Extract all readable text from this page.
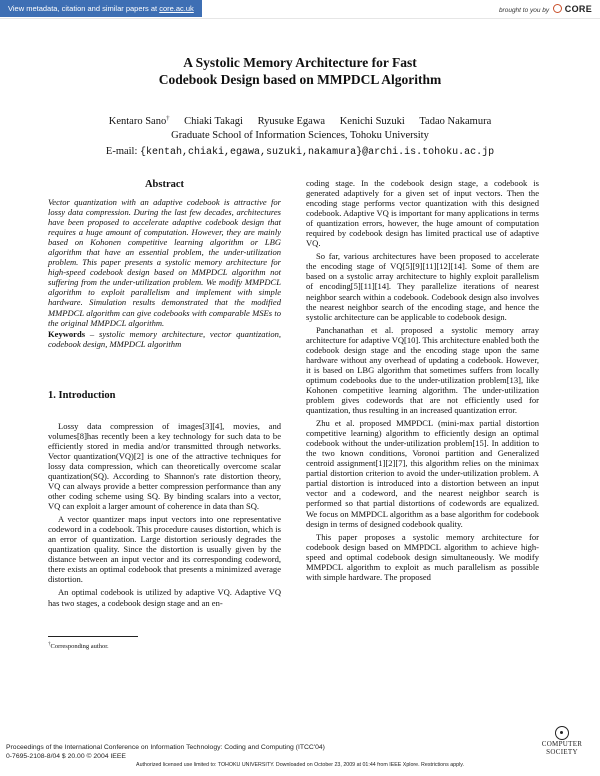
View metadata, citation and similar papers at core.ac.uk	brought to you by CORE
A Systolic Memory Architecture for Fast
Codebook Design based on MMPDCL Algorithm
Kentaro Sano† Chiaki Takagi Ryusuke Egawa Kenichi Suzuki Tadao Nakamura
Graduate School of Information Sciences, Tohoku University
E-mail: {kentah,chiaki,egawa,suzuki,nakamura}@archi.is.tohoku.ac.jp
Abstract

Vector quantization with an adaptive codebook is attractive for lossy data compression. During the last few decades, architectures have been proposed to accelerate adaptive codebook design that requires a huge amount of computation. However, they are mainly based on Kohonen competitive learning algorithm or LBG algorithm that have an essential problem, the under-utilization problem. This paper presents a systolic memory architecture for high-speed codebook design based on MMPDCL algorithm not suffering from the under-utilization problem. We modify MMPDCL algorithm to exploit parallelism and implement with simple hardware. Simulation results demonstrated that the modified MMPDCL algorithm can give codebooks with comparable MSEs to the original MMPDCL algorithm.

Keywords – systolic memory architecture, vector quantization, codebook design, MMPDCL algorithm

1. Introduction

Lossy data compression of images[3][4], movies, and volumes[8]has recently been a key technology for such data to be efficiently stored in media and/or transmitted through networks. Vector quantization(VQ)[2] is one of the attractive techniques for lossy data compression, which can theoretically overcome scalar quantization(SQ). According to Shannon's rate distortion theory, VQ can always provide a better compression performance than any other coding scheme using SQ. By binding scalars into a vector, VQ can exploit a larger amount of coherence in data than SQ.

A vector quantizer maps input vectors into one representative codeword in a codebook. This procedure causes distortion, which is an error of quantization. Large distortion seriously degrades the quantization quality. Since the distortion is usually given by the distance between an input vector and its corresponding codeword, there exists an optimal codebook that presents a minimized average distortion.

An optimal codebook is utilized by adaptive VQ. Adaptive VQ has two stages, a codebook design stage and an en-

coding stage. In the codebook design stage, a codebook is generated adaptively for a given set of input vectors. Then the encoding stage performs vector quantization with this designed codebook. Adaptive VQ is important for many applications in terms of quantization errors, however, the huge amount of computation required by codebook design has limited practical use of adaptive VQ.

So far, various architectures have been proposed to accelerate the encoding stage of VQ[5][9][11][12][14]. Some of them are based on a systolic array architecture to highly exploit parallelism of encoding[5][11][14]. They parallelize iterations of nearest neighbor search within a codebook. Codebook design also involves the nearest neighbor search of the encoding stage, and hence the systolic architecture can be applicable to codebook design.

Panchanathan et al. proposed a systolic memory array architecture for adaptive VQ[10]. This architecture enabled both the codebook design stage and the encoding stage upon the same hardware without any overhead of updating a codebook. However, it is based on LBG algorithm that sometimes suffers from locally optimum codebooks due to the under-utilization problem[13], like Kohonen competitive learning algorithm. The under-utilization problem gives codewords that are not efficiently used for quantization, thus resulting in an increased quantization error.

Zhu et al. proposed MMPDCL (mini-max partial distortion competitive learning) algorithm to efficiently design an optimal codebook without the under-utilization problem[15]. In addition to the two known conditions, Voronoi partition and Generalized centroid assignment[1][2][7], this algorithm relies on the minimax partial distortion criterion to avoid the under-utilization problem. A partial distortion is introduced into a distortion between an input vector and a codeword, and the nearest neighbor search is performed so that partial distortions of codewords are equalized. We focus on MMPDCL algorithm as a base algorithm for codebook design in terms of designed codebook quality.

This paper proposes a systolic memory architecture for codebook design based on MMPDCL algorithm to achieve high-speed and optimal codebook design simultaneously. We modify MMPDCL algorithm to exploit as much parallelism as possible with simple hardware. The proposed

†Corresponding author.
Proceedings of the International Conference on Information Technology: Coding and Computing (ITCC'04)
0-7695-2108-8/04 $ 20.00 © 2004 IEEE
COMPUTER
SOCIETY
Authorized licensed use limited to: TOHOKU UNIVERSITY. Downloaded on October 23, 2009 at 01:44 from IEEE Xplore. Restrictions apply.
